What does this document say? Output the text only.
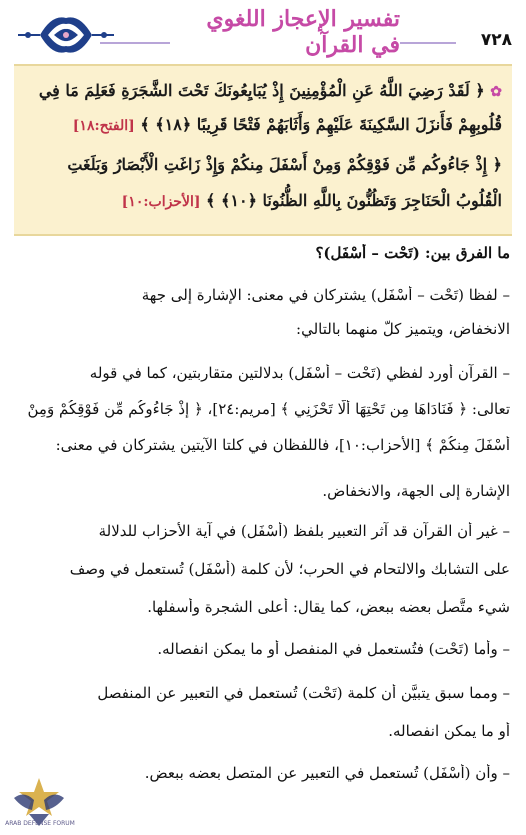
تفسير الإعجاز اللغوي في القرآن	٧٢٨
✿ ﴿ لَقَدْ رَضِيَ اللَّهُ عَنِ الْمُؤْمِنِينَ إِذْ يُبَايِعُونَكَ تَحْتَ الشَّجَرَةِ فَعَلِمَ مَا فِي
قُلُوبِهِمْ فَأَنزَلَ السَّكِينَةَ عَلَيْهِمْ وَأَثَابَهُمْ فَتْحًا قَرِيبًا ﴿١٨﴾ ﴾ [الفتح:١٨]
﴿ إِذْ جَاءُوكُم مِّن فَوْقِكُمْ وَمِنْ أَسْفَلَ مِنكُمْ وَإِذْ زَاغَتِ الْأَبْصَارُ وَبَلَغَتِ
الْقُلُوبُ الْحَنَاجِرَ وَتَظُنُّونَ بِاللَّهِ الظُّنُونَا ﴿١٠﴾ ﴾ [الأحزاب:١٠]
ما الفرق بين: (تَحْت – أَسْفَل)؟
– لفظا (تَحْت – أَسْفَل) يشتركان في معنى: الإشارة إلى جهة
الانخفاض، ويتميز كلٌّ منهما بالتالي:
– القرآن أورد لفظي (تَحْت – أَسْفَل) بدلالتين متقاربتين، كما في قوله
تعالى: ﴿ فَنَادَاهَا مِن تَحْتِهَا أَلَّا تَحْزَنِي ﴾ [مريم:٢٤]، ﴿ إِذْ جَاءُوكُم مِّن فَوْقِكُمْ وَمِنْ
أَسْفَلَ مِنكُمْ ﴾ [الأحزاب:١٠]، فاللفظان في كلتا الآيتين يشتركان في معنى:
الإشارة إلى الجهة، والانخفاض.
– غير أن القرآن قد آثر التعبير بلفظ (أَسْفَل) في آية الأحزاب للدلالة
على التشابك والالتحام في الحرب؛ لأن كلمة (أَسْفَل) تُستعمل في وصف
شيء متَّصل بعضه ببعض، كما يقال: أعلى الشجرة وأسفلها.
– وأما (تَحْت) فتُستعمل في المنفصل أو ما يمكن انفصاله.
– ومما سبق يتبيَّن أن كلمة (تَحْت) تُستعمل في التعبير عن المنفصل
أو ما يمكن انفصاله.
– وأن (أَسْفَل) تُستعمل في التعبير عن المتصل بعضه ببعض.
ARAB DEFENSE FORUM
